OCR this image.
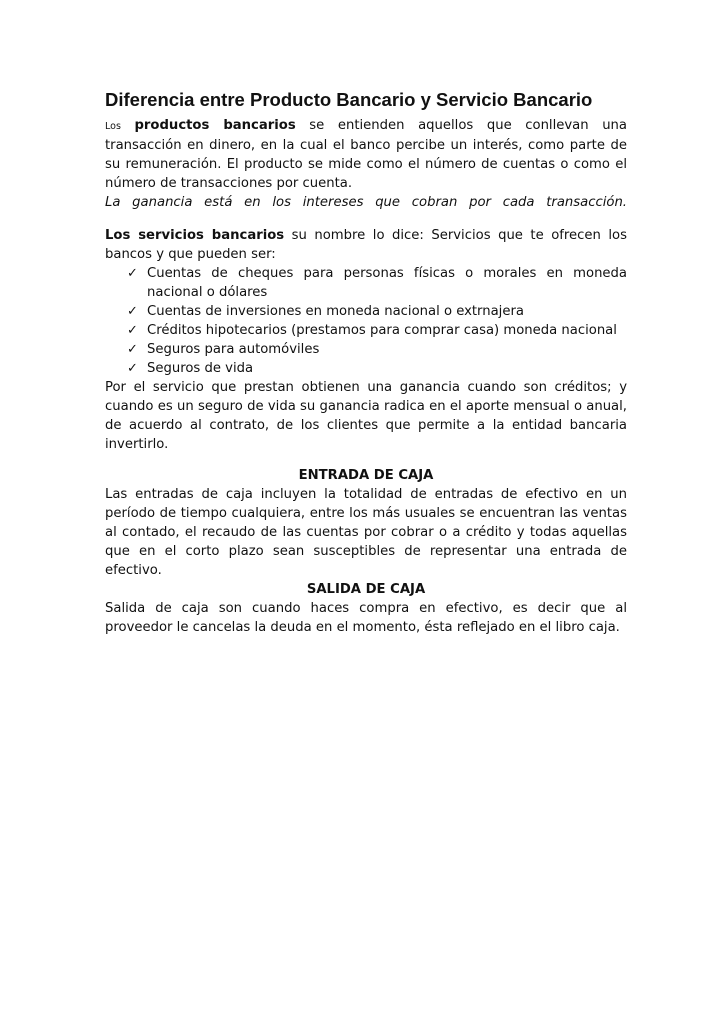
Diferencia entre Producto Bancario y Servicio Bancario

Los productos bancarios se entienden aquellos que conllevan una transacción en dinero, en la cual el banco percibe un interés, como parte de su remuneración. El producto se mide como el número de cuentas o como el número de transacciones por cuenta.

La ganancia está en los intereses que cobran por cada transacción.

Los servicios bancarios su nombre lo dice: Servicios que te ofrecen los bancos y que pueden ser:

✓ Cuentas de cheques para personas físicas o morales en moneda nacional o dólares
✓ Cuentas de inversiones en moneda nacional o extrnajera
✓ Créditos hipotecarios (prestamos para comprar casa) moneda nacional
✓ Seguros para automóviles
✓ Seguros de vida

Por el servicio que prestan obtienen una ganancia cuando son créditos; y cuando es un seguro de vida su ganancia radica en el aporte mensual o anual, de acuerdo al contrato, de los clientes que permite a la entidad bancaria invertirlo.

ENTRADA DE CAJA

Las entradas de caja incluyen la totalidad de entradas de efectivo en un período de tiempo cualquiera, entre los más usuales se encuentran las ventas al contado, el recaudo de las cuentas por cobrar o a crédito y todas aquellas que en el corto plazo sean susceptibles de representar una entrada de efectivo.

SALIDA DE CAJA

Salida de caja son cuando haces compra en efectivo, es decir que al proveedor le cancelas la deuda en el momento, ésta reflejado en el libro caja.
